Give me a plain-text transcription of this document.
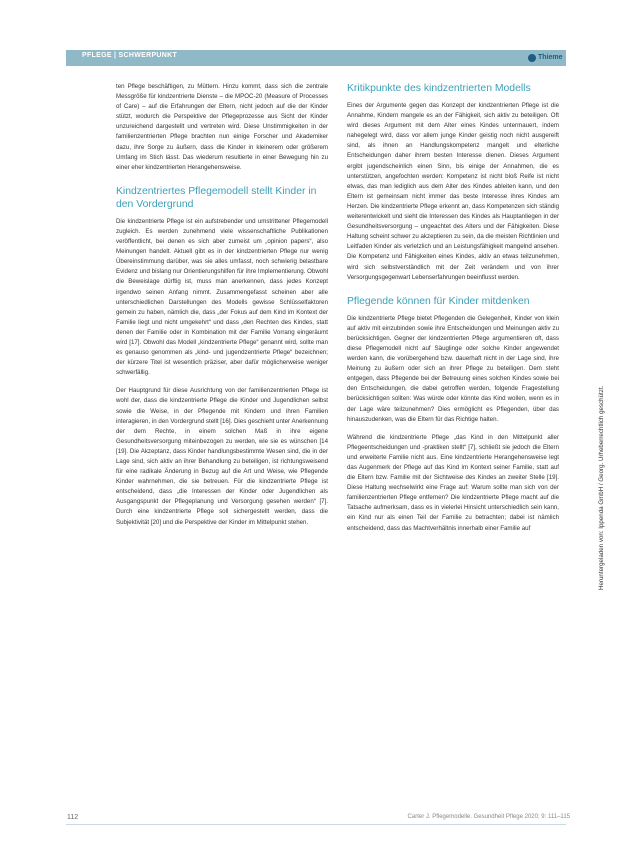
PFLEGE | SCHWERPUNKT	Thieme

ten Pflege beschäftigen, zu Müttern. Hinzu kommt, dass sich die zentrale Messgröße für kindzentrierte Dienste – die MPOC-20 (Measure of Processes of Care) – auf die Erfahrungen der Eltern, nicht jedoch auf die der Kinder stützt, wodurch die Perspektive der Pflegeprozesse aus Sicht der Kinder unzureichend dargestellt und vertreten wird. Diese Unstimmigkeiten in der familienzentrierten Pflege brachten nun einige Forscher und Akademiker dazu, ihre Sorge zu äußern, dass die Kinder in kleinerem oder größerem Umfang im Stich lässt. Das wiederum resultierte in einer Bewegung hin zu einer eher kindzentrierten Herangehensweise.

Kindzentriertes Pflegemodell stellt Kinder in den Vordergrund

Die kindzentrierte Pflege ist ein aufstrebender und umstrittener Pflegemodell zugleich. Es werden zunehmend viele wissenschaftliche Publikationen veröffentlicht, bei denen es sich aber zumeist um „opinion papers“, also Meinungen handelt. Aktuell gibt es in der kindzentrierten Pflege nur wenig Übereinstimmung darüber, was sie alles umfasst, noch schwierig belastbare Evidenz und bislang nur Orientierungshilfen für ihre Implementierung. Obwohl die Beweislage dürftig ist, muss man anerkennen, dass jedes Konzept irgendwo seinen Anfang nimmt. Zusammengefasst scheinen aber alle unterschiedlichen Darstellungen des Modells gewisse Schlüsselfaktoren gemein zu haben, nämlich die, dass „der Fokus auf dem Kind im Kontext der Familie liegt und nicht umgekehrt“ und dass „den Rechten des Kindes, statt denen der Familie oder in Kombination mit der Familie Vorrang eingeräumt wird [17]. Obwohl das Modell „kindzentrierte Pflege“ genannt wird, sollte man es genauso genommen als „kind- und jugendzentrierte Pflege“ bezeichnen; der kürzere Titel ist wesentlich präziser, aber dafür möglicherweise weniger schwerfällig.

Der Hauptgrund für diese Ausrichtung von der familienzentrierten Pflege ist wohl der, dass die kindzentrierte Pflege die Kinder und Jugendlichen selbst sowie die Weise, in der Pflegende mit Kindern und ihren Familien interagieren, in den Vordergrund stellt [16]. Dies geschieht unter Anerkennung der dem Rechte, in einem solchen Maß in ihre eigene Gesundheitsversorgung miteinbezogen zu werden, wie sie es wünschen [14 [19]. Die Akzeptanz, dass Kinder handlungsbestimmte Wesen sind, die in der Lage sind, sich aktiv an ihrer Behandlung zu beteiligen, ist richtungsweisend für eine radikale Änderung in Bezug auf die Art und Weise, wie Pflegende Kinder wahrnehmen, die sie betreuen. Für die kindzentrierte Pflege ist entscheidend, dass „die Interessen der Kinder oder Jugendlichen als Ausgangspunkt der Pflegeplanung und Versorgung gesehen werden“ [7]. Durch eine kindzentrierte Pflege soll sichergestellt werden, dass die Subjektivität [20] und die Perspektive der Kinder im Mittelpunkt stehen.

Kritikpunkte des kindzentrierten Modells

Eines der Argumente gegen das Konzept der kindzentrierten Pflege ist die Annahme, Kindern mangele es an der Fähigkeit, sich aktiv zu beteiligen. Oft wird dieses Argument mit dem Alter eines Kindes untermauert, indem nahegelegt wird, dass vor allem junge Kinder geistig noch nicht ausgereift sind, als ihnen an Handlungskompetenz mangelt und elterliche Entscheidungen daher ihrem besten Interesse dienen. Dieses Argument ergibt jugendscheinlich einen Sinn, bis einige der Annahmen, die es unterstützen, angefochten werden: Kompetenz ist nicht bloß Reife ist nicht etwas, das man lediglich aus dem Alter des Kindes ableiten kann, und den Eltern ist gemeinsam nicht immer das beste Interesse ihres Kindes am Herzen. Die kindzentrierte Pflege erkennt an, dass Kompetenzen sich ständig weiterentwickelt und sieht die Interessen des Kindes als Hauptanliegen in der Gesundheitsversorgung – ungeachtet des Alters und der Fähigkeiten. Diese Haltung scheint schwer zu akzeptieren zu sein, da die meisten Richtlinien und Leitfaden Kinder als verletzlich und an Leistungsfähigkeit mangelnd ansehen. Die Kompetenz und Fähigkeiten eines Kindes, aktiv an etwas teilzunehmen, wird sich selbstverständlich mit der Zeit verändern und von ihrer Versorgungsgegenwart Lebenserfahrungen beeinflusst werden.

Pflegende können für Kinder mitdenken

Die kindzentrierte Pflege bietet Pflegenden die Gelegenheit, Kinder von klein auf aktiv mit einzubinden sowie ihre Entscheidungen und Meinungen aktiv zu berücksichtigen. Gegner der kindzentrierten Pflege argumentieren oft, dass diese Pflegemodell nicht auf Säuglinge oder solche Kinder angewendet werden kann, die vorübergehend bzw. dauerhaft nicht in der Lage sind, ihre Meinung zu äußern oder sich an ihrer Pflege zu beteiligen. Dem steht entgegen, dass Pflegende bei der Betreuung eines solchen Kindes sowie bei den Entscheidungen, die dabei getroffen werden, folgende Fragestellung berücksichtigen sollten: Was würde oder könnte das Kind wollen, wenn es in der Lage wäre teilzunehmen? Dies ermöglicht es Pflegenden, über das hinauszudenken, was die Eltern für das Richtige halten.

Während die kindzentrierte Pflege „das Kind in den Mittelpunkt aller Pflegeentscheidungen und -praktiken stellt“ [7], schließt sie jedoch die Eltern und erweiterte Familie nicht aus. Eine kindzentrierte Herangehensweise legt das Augenmerk der Pflege auf das Kind im Kontext seiner Familie, statt auf die Eltern bzw. Familie mit der Sichtweise des Kindes an zweiter Stelle [19]. Diese Haltung wechselwirkt eine Frage auf: Warum sollte man sich von der familienzentrierten Pflege entfernen? Die kindzentrierte Pflege macht auf die Tatsache aufmerksam, dass es in vielerlei Hinsicht unterschiedlich sein kann, ein Kind nur als einen Teil der Familie zu betrachten; dabei ist nämlich entscheidend, dass das Machtverhältnis innerhalb einer Familie auf	Heruntergeladen von: Ippenda GmbH / Georg. Urheberrechtlich geschützt.
112	Carter J. Pflegemodelle. Gesundheit Pflege 2020; 9: 111–115
